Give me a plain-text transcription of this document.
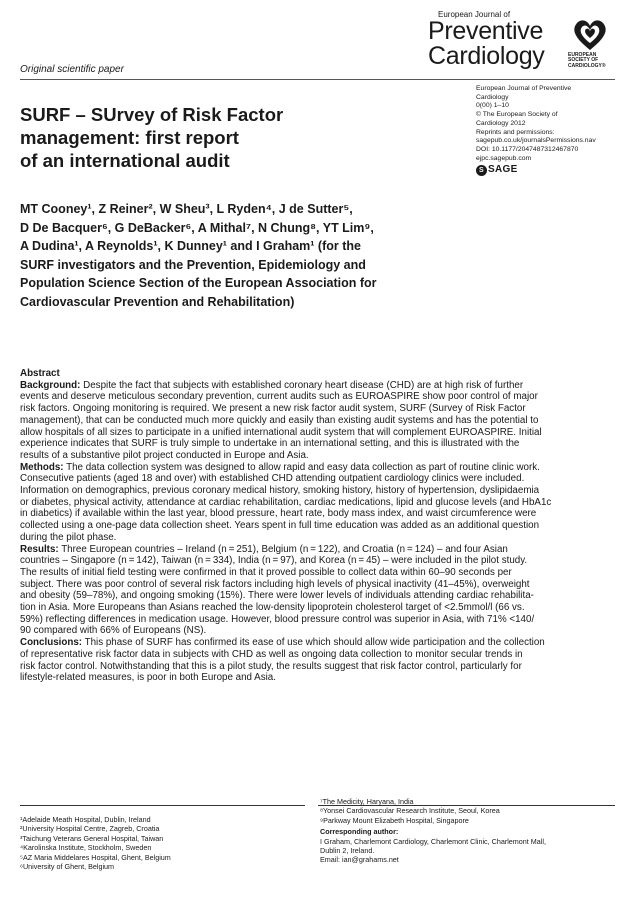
Original scientific paper
European Journal of
Preventive
Cardiology	EUROPEAN
SOCIETY OF
CARDIOLOGY®
European Journal of Preventive
Cardiology
0(00) 1–10
© The European Society of
Cardiology 2012
Reprints and permissions:
sagepub.co.uk/journalsPermissions.nav
DOI: 10.1177/2047487312467870
ejpc.sagepub.com
S SAGE
SURF – SUrvey of Risk Factor
management: first report
of an international audit
MT Cooney¹, Z Reiner², W Sheu³, L Ryden⁴, J de Sutter⁵,
D De Bacquer⁶, G DeBacker⁶, A Mithal⁷, N Chung⁸, YT Lim⁹,
A Dudina¹, A Reynolds¹, K Dunney¹ and I Graham¹ (for the
SURF investigators and the Prevention, Epidemiology and
Population Science Section of the European Association for
Cardiovascular Prevention and Rehabilitation)
Abstract
Background: Despite the fact that subjects with established coronary heart disease (CHD) are at high risk of further
events and deserve meticulous secondary prevention, current audits such as EUROASPIRE show poor control of major
risk factors. Ongoing monitoring is required. We present a new risk factor audit system, SURF (Survey of Risk Factor
management), that can be conducted much more quickly and easily than existing audit systems and has the potential to
allow hospitals of all sizes to participate in a unified international audit system that will complement EUROASPIRE. Initial
experience indicates that SURF is truly simple to undertake in an international setting, and this is illustrated with the
results of a substantive pilot project conducted in Europe and Asia.
Methods: The data collection system was designed to allow rapid and easy data collection as part of routine clinic work.
Consecutive patients (aged 18 and over) with established CHD attending outpatient cardiology clinics were included.
Information on demographics, previous coronary medical history, smoking history, history of hypertension, dyslipidaemia
or diabetes, physical activity, attendance at cardiac rehabilitation, cardiac medications, lipid and glucose levels (and HbA1c
in diabetics) if available within the last year, blood pressure, heart rate, body mass index, and waist circumference were
collected using a one-page data collection sheet. Years spent in full time education was added as an additional question
during the pilot phase.
Results: Three European countries – Ireland (n = 251), Belgium (n = 122), and Croatia (n = 124) – and four Asian
countries – Singapore (n = 142), Taiwan (n = 334), India (n = 97), and Korea (n = 45) – were included in the pilot study.
The results of initial field testing were confirmed in that it proved possible to collect data within 60–90 seconds per
subject. There was poor control of several risk factors including high levels of physical inactivity (41–45%), overweight
and obesity (59–78%), and ongoing smoking (15%). There were lower levels of individuals attending cardiac rehabilita-
tion in Asia. More Europeans than Asians reached the low-density lipoprotein cholesterol target of <2.5mmol/l (66 vs.
59%) reflecting differences in medication usage. However, blood pressure control was superior in Asia, with 71% <140/
90 compared with 66% of Europeans (NS).
Conclusions: This phase of SURF has confirmed its ease of use which should allow wide participation and the collection
of representative risk factor data in subjects with CHD as well as ongoing data collection to monitor secular trends in
risk factor control. Notwithstanding that this is a pilot study, the results suggest that risk factor control, particularly for
lifestyle-related measures, is poor in both Europe and Asia.
¹Adelaide Meath Hospital, Dublin, Ireland
²University Hospital Centre, Zagreb, Croatia
³Taichung Veterans General Hospital, Taiwan
⁴Karolinska Institute, Stockholm, Sweden
⁵AZ Maria Middelares Hospital, Ghent, Belgium
⁶University of Ghent, Belgium
⁷The Medicity, Haryana, India
⁸Yonsei Cardiovascular Research Institute, Seoul, Korea
⁹Parkway Mount Elizabeth Hospital, Singapore
Corresponding author:
I Graham, Charlemont Cardiology, Charlemont Clinic, Charlemont Mall,
Dublin 2, Ireland.
Email: ian@grahams.net
